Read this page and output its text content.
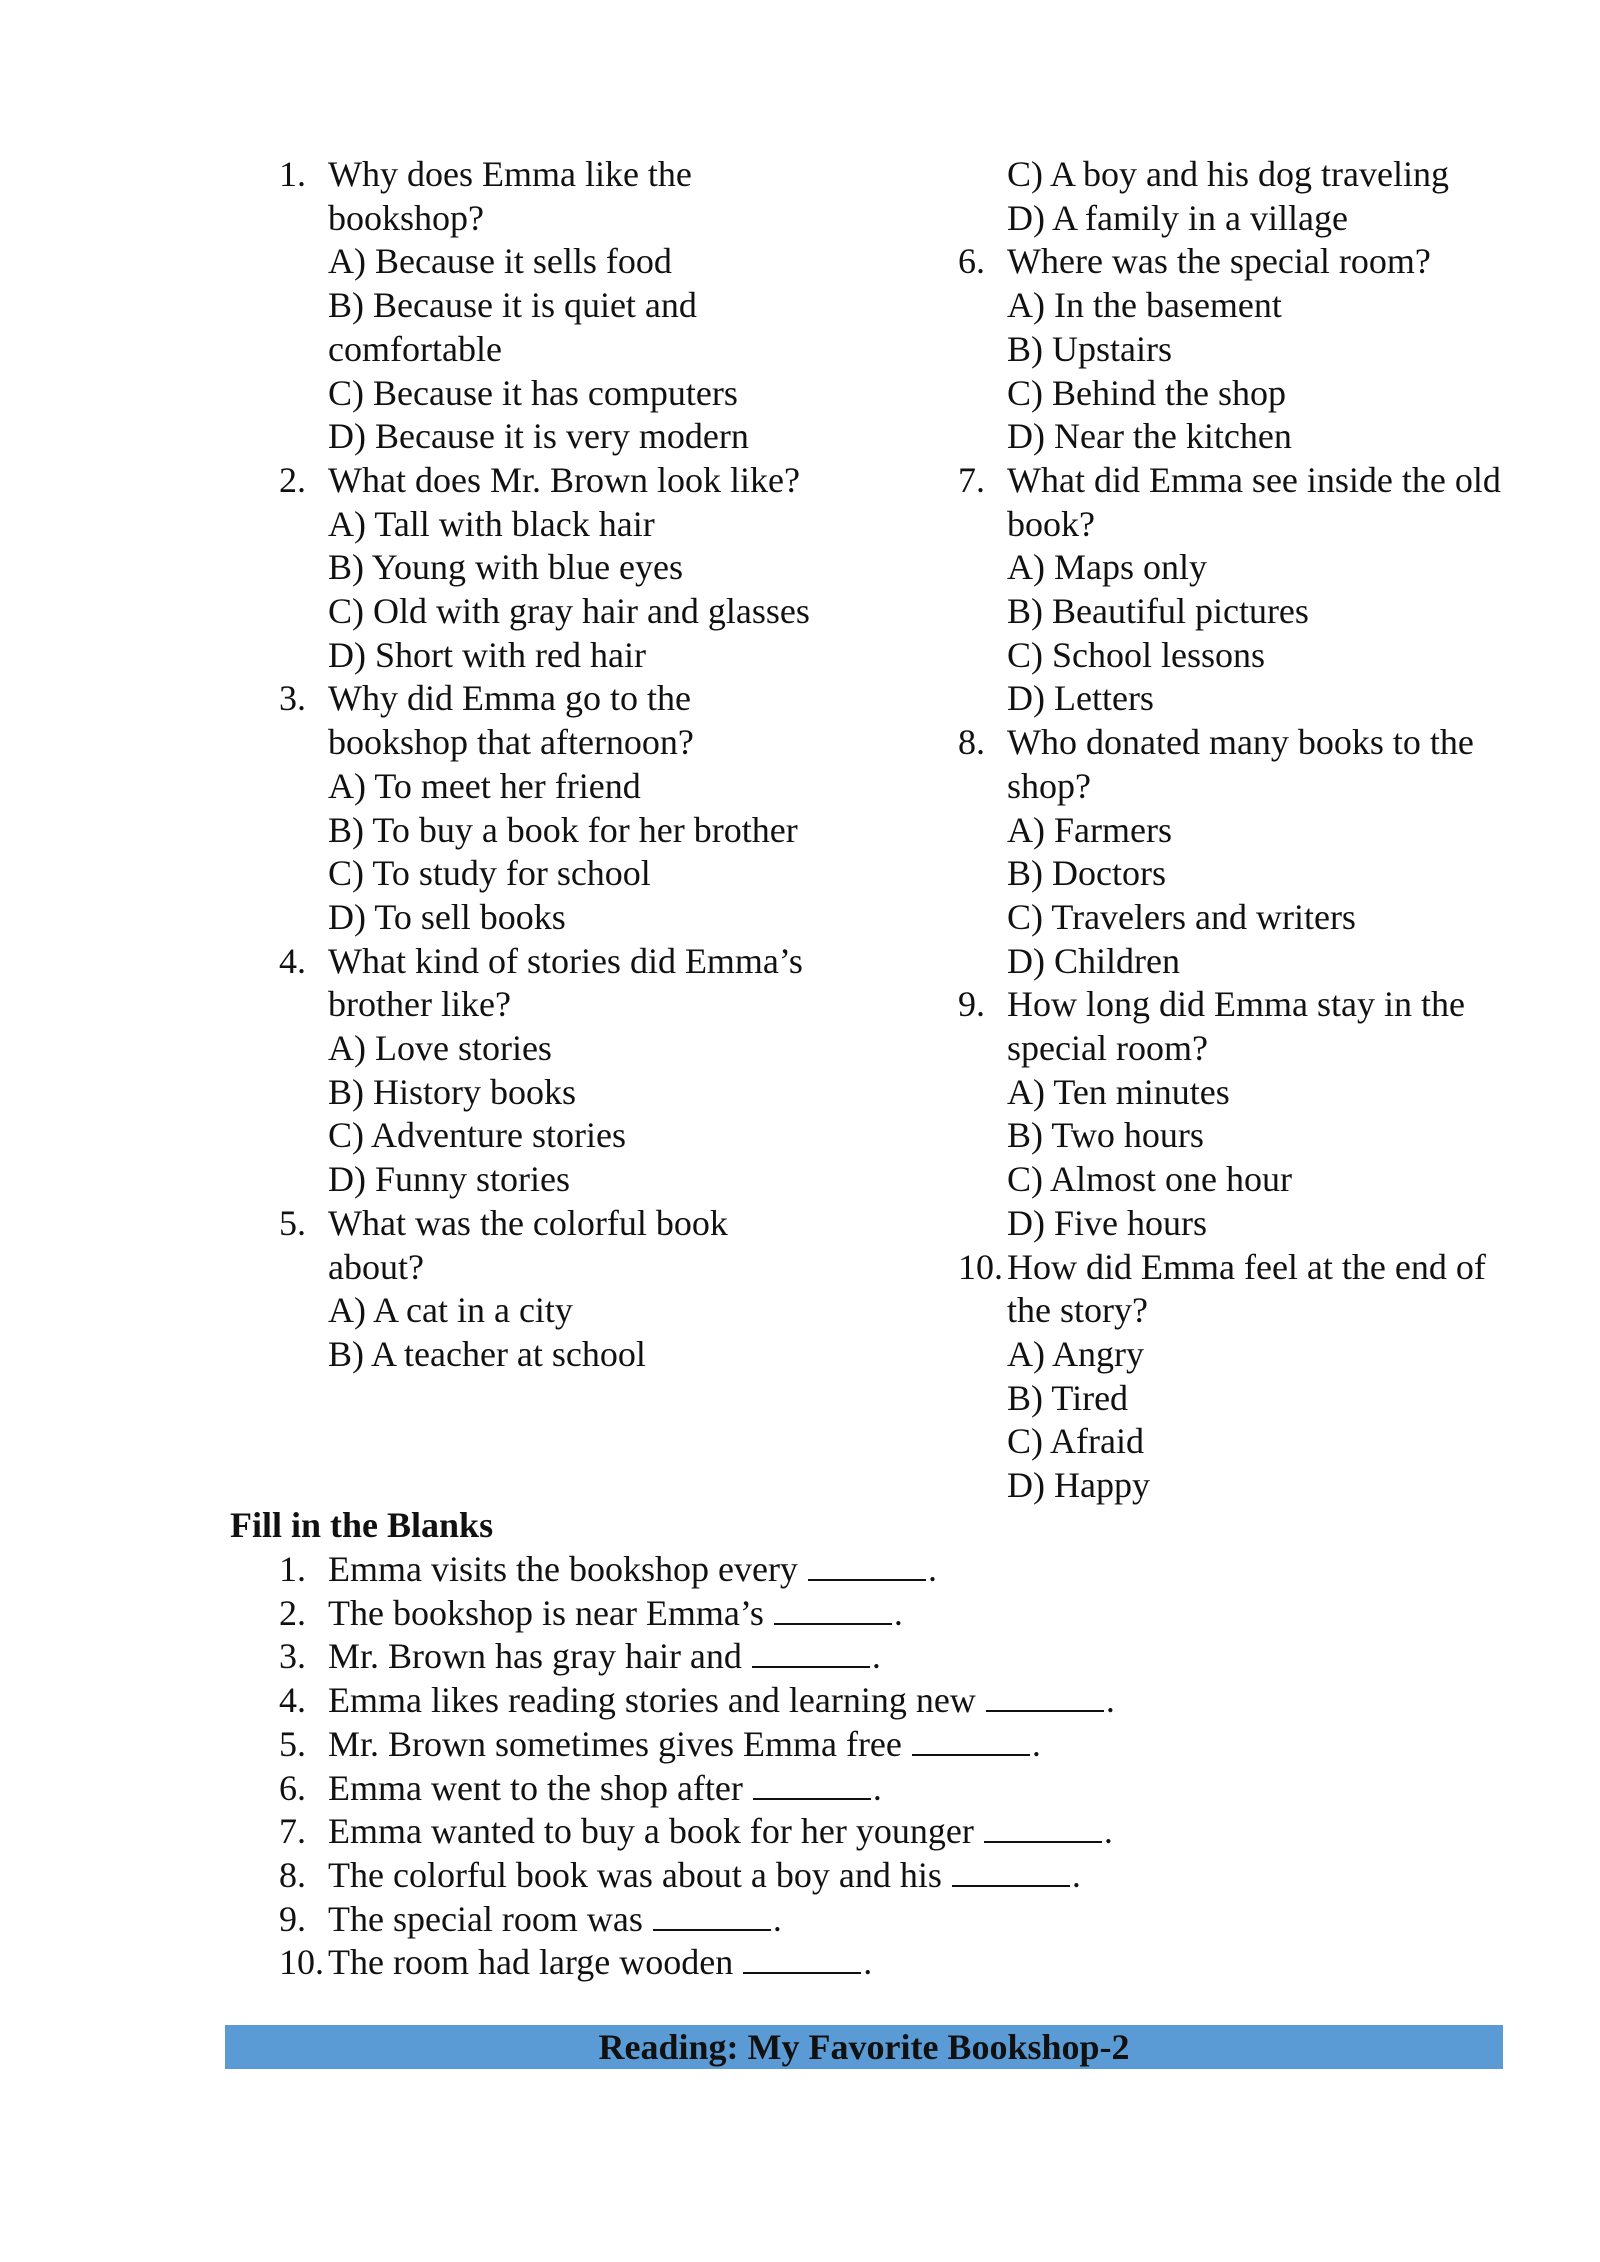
1. Why does Emma like the bookshop?
A) Because it sells food
B) Because it is quiet and comfortable
C) Because it has computers
D) Because it is very modern
2. What does Mr. Brown look like?
A) Tall with black hair
B) Young with blue eyes
C) Old with gray hair and glasses
D) Short with red hair
3. Why did Emma go to the bookshop that afternoon?
A) To meet her friend
B) To buy a book for her brother
C) To study for school
D) To sell books
4. What kind of stories did Emma’s brother like?
A) Love stories
B) History books
C) Adventure stories
D) Funny stories
5. What was the colorful book about?
A) A cat in a city
B) A teacher at school
C) A boy and his dog traveling
D) A family in a village
6. Where was the special room?
A) In the basement
B) Upstairs
C) Behind the shop
D) Near the kitchen
7. What did Emma see inside the old book?
A) Maps only
B) Beautiful pictures
C) School lessons
D) Letters
8. Who donated many books to the shop?
A) Farmers
B) Doctors
C) Travelers and writers
D) Children
9. How long did Emma stay in the special room?
A) Ten minutes
B) Two hours
C) Almost one hour
D) Five hours
10. How did Emma feel at the end of the story?
A) Angry
B) Tired
C) Afraid
D) Happy
Fill in the Blanks
1. Emma visits the bookshop every	.
2. The bookshop is near Emma’s	.
3. Mr. Brown has gray hair and	.
4. Emma likes reading stories and learning new	.
5. Mr. Brown sometimes gives Emma free	.
6. Emma went to the shop after	.
7. Emma wanted to buy a book for her younger	.
8. The colorful book was about a boy and his	.
9. The special room was	.
10. The room had large wooden	.
Reading: My Favorite Bookshop-2
